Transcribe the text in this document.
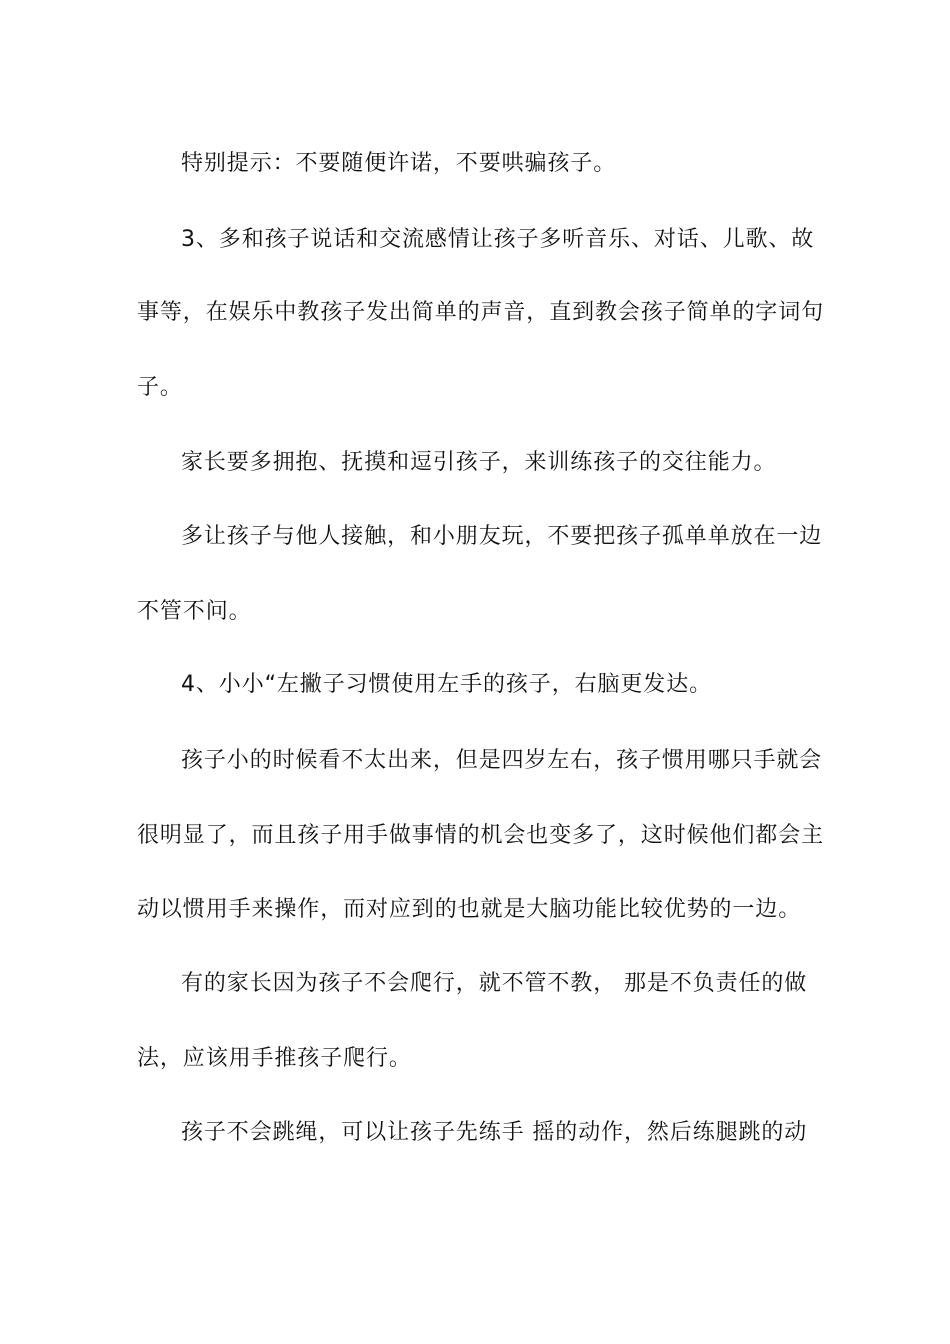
特别提示：不要随便许诺，不要哄骗孩子。
3、多和孩子说话和交流感情让孩子多听音乐、对话、儿歌、故
事等，在娱乐中教孩子发出简单的声音，直到教会孩子简单的字词句
子。
家长要多拥抱、抚摸和逗引孩子，来训练孩子的交往能力。
多让孩子与他人接触，和小朋友玩，不要把孩子孤单单放在一边
不管不问。
4、小小“左撇子习惯使用左手的孩子，右脑更发达。
孩子小的时候看不太出来，但是四岁左右，孩子惯用哪只手就会
很明显了，而且孩子用手做事情的机会也变多了，这时候他们都会主
动以惯用手来操作，而对应到的也就是大脑功能比较优势的一边。
有的家长因为孩子不会爬行，就不管不教， 那是不负责任的做
法，应该用手推孩子爬行。
孩子不会跳绳，可以让孩子先练手 摇的动作，然后练腿跳的动
